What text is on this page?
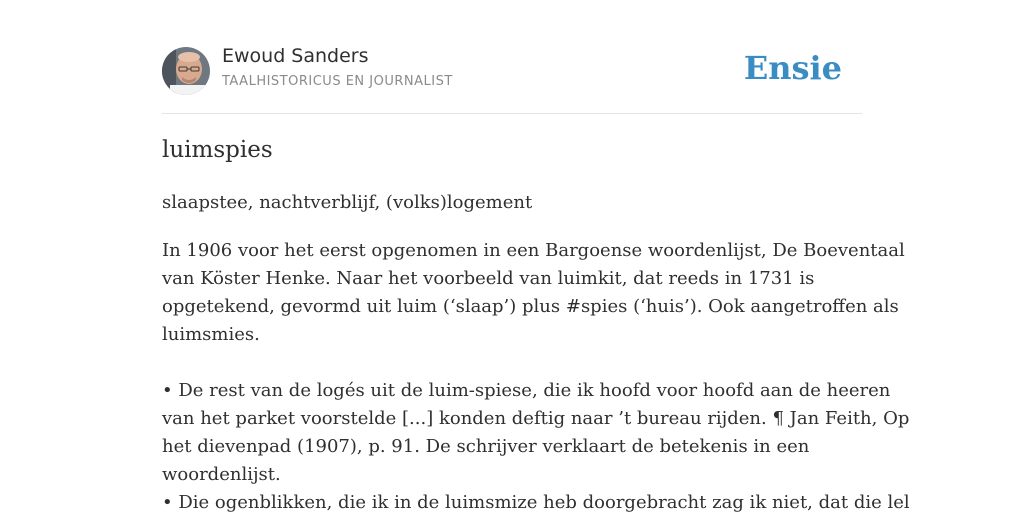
Ewoud Sanders
TAALHISTORICUS EN JOURNALIST	Ensie
luimspies

slaapstee, nachtverblijf, (volks)logement

In 1906 voor het eerst opgenomen in een Bargoense woordenlijst, De Boeventaal
van Köster Henke. Naar het voorbeeld van luimkit, dat reeds in 1731 is
opgetekend, gevormd uit luim (‘slaap’) plus #spies (‘huis’). Ook aangetroffen als
luimsmies.
• De rest van de logés uit de luim-spiese, die ik hoofd voor hoofd aan de heeren
van het parket voorstelde [...] konden deftig naar ’t bureau rijden. ¶ Jan Feith, Op
het dievenpad (1907), p. 91. De schrijver verklaart de betekenis in een
woordenlijst.
• Die ogenblikken, die ik in de luimsmize heb doorgebracht zag ik niet, dat die lel
